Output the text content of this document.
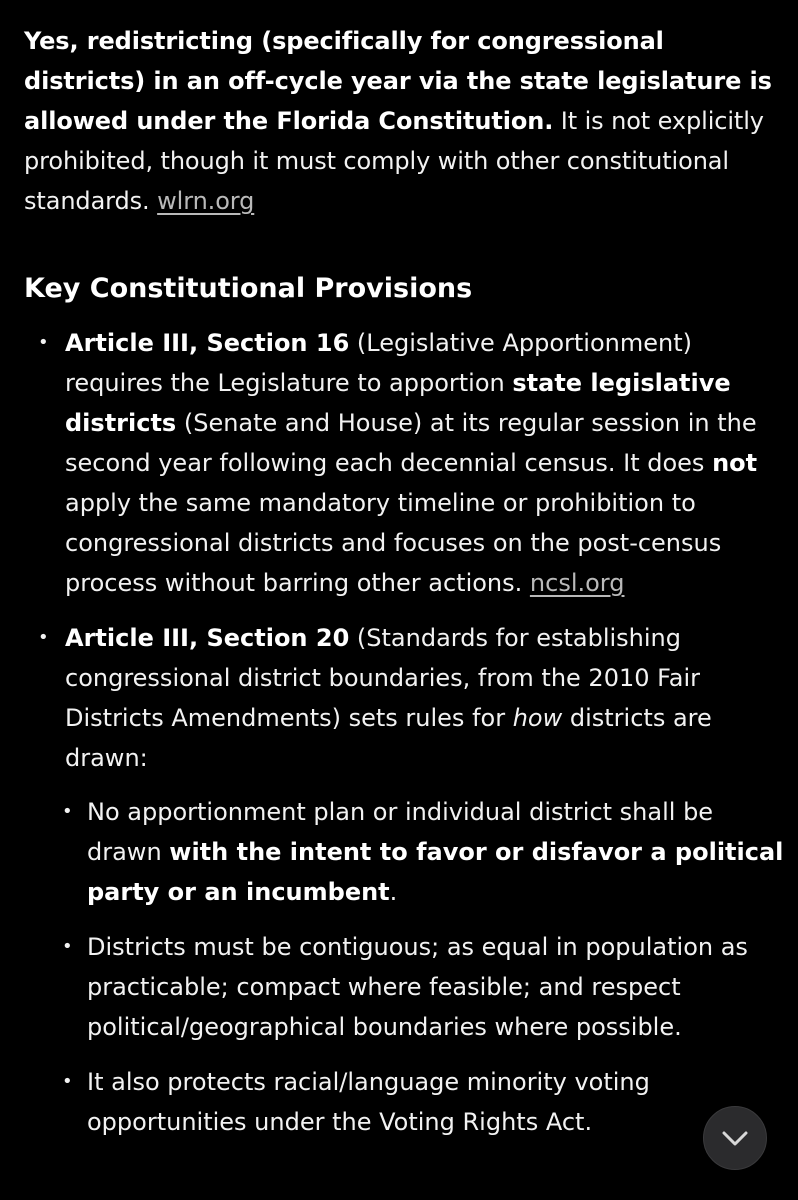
Yes, redistricting (specifically for congressional districts) in an off-cycle year via the state legislature is allowed under the Florida Constitution. It is not explicitly prohibited, though it must comply with other constitutional standards. wlrn.org

Key Constitutional Provisions
• Article III, Section 16 (Legislative Apportionment) requires the Legislature to apportion state legislative districts (Senate and House) at its regular session in the second year following each decennial census. It does not apply the same mandatory timeline or prohibition to congressional districts and focuses on the post-census process without barring other actions. ncsl.org
• Article III, Section 20 (Standards for establishing congressional district boundaries, from the 2010 Fair Districts Amendments) sets rules for how districts are drawn:
• No apportionment plan or individual district shall be drawn with the intent to favor or disfavor a political party or an incumbent.
• Districts must be contiguous; as equal in population as practicable; compact where feasible; and respect political/geographical boundaries where possible.
• It also protects racial/language minority voting opportunities under the Voting Rights Act.
